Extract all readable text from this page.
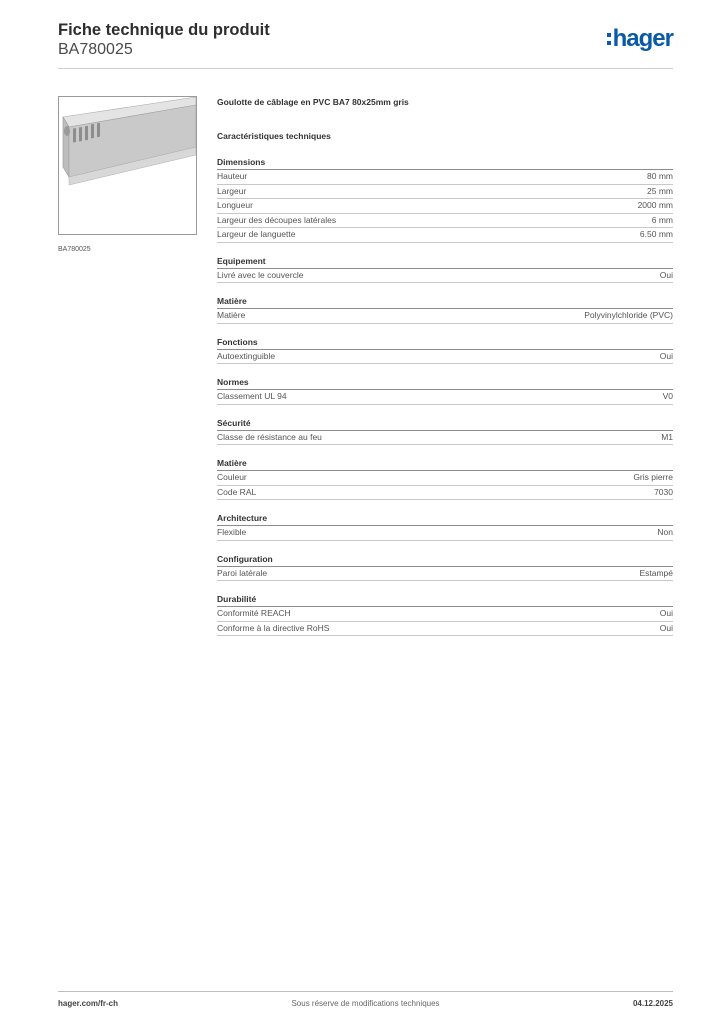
Fiche technique du produit
BA780025	hager
BA780025
Goulotte de câblage en PVC BA7 80x25mm gris
Caractéristiques techniques
Dimensions
Hauteur	80 mm
Largeur	25 mm
Longueur	2000 mm
Largeur des découpes latérales	6 mm
Largeur de languette	6.50 mm
Equipement
Livré avec le couvercle	Oui
Matière
Matière	Polyvinylchloride (PVC)
Fonctions
Autoextinguible	Oui
Normes
Classement UL 94	V0
Sécurité
Classe de résistance au feu	M1
Matière
Couleur	Gris pierre
Code RAL	7030
Architecture
Flexible	Non
Configuration
Paroi latérale	Estampé
Durabilité
Conformité REACH	Oui
Conforme à la directive RoHS	Oui
hager.com/fr-ch	Sous réserve de modifications techniques	04.12.2025
